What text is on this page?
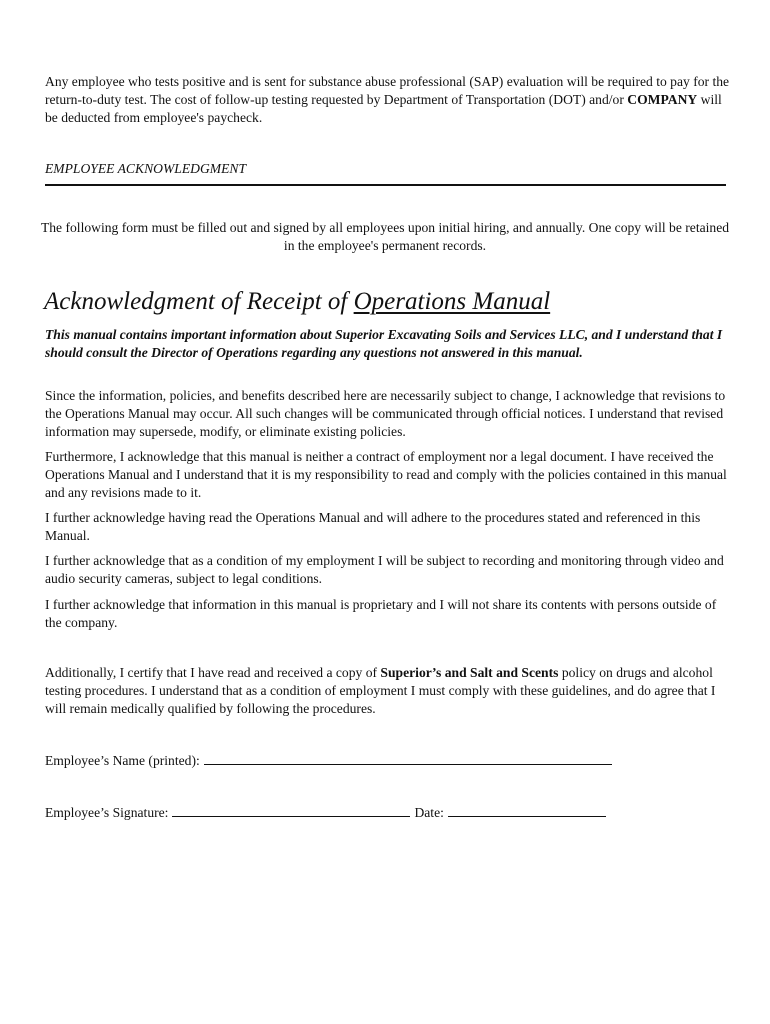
Any employee who tests positive and is sent for substance abuse professional (SAP) evaluation will be required to pay for the return-to-duty test. The cost of follow-up testing requested by Department of Transportation (DOT) and/or COMPANY will be deducted from employee's paycheck.

EMPLOYEE ACKNOWLEDGMENT

The following form must be filled out and signed by all employees upon initial hiring, and annually. One copy will be retained in the employee's permanent records.

Acknowledgment of Receipt of Operations Manual

This manual contains important information about Superior Excavating Soils and Services LLC, and I understand that I should consult the Director of Operations regarding any questions not answered in this manual.

Since the information, policies, and benefits described here are necessarily subject to change, I acknowledge that revisions to the Operations Manual may occur. All such changes will be communicated through official notices. I understand that revised information may supersede, modify, or eliminate existing policies.

Furthermore, I acknowledge that this manual is neither a contract of employment nor a legal document. I have received the Operations Manual and I understand that it is my responsibility to read and comply with the policies contained in this manual and any revisions made to it.

I further acknowledge having read the Operations Manual and will adhere to the procedures stated and referenced in this Manual.

I further acknowledge that as a condition of my employment I will be subject to recording and monitoring through video and audio security cameras, subject to legal conditions.

I further acknowledge that information in this manual is proprietary and I will not share its contents with persons outside of the company.

Additionally, I certify that I have read and received a copy of Superior’s and Salt and Scents policy on drugs and alcohol testing procedures. I understand that as a condition of employment I must comply with these guidelines, and do agree that I will remain medically qualified by following the procedures.

Employee’s Name (printed):
Employee’s Signature:	Date:
